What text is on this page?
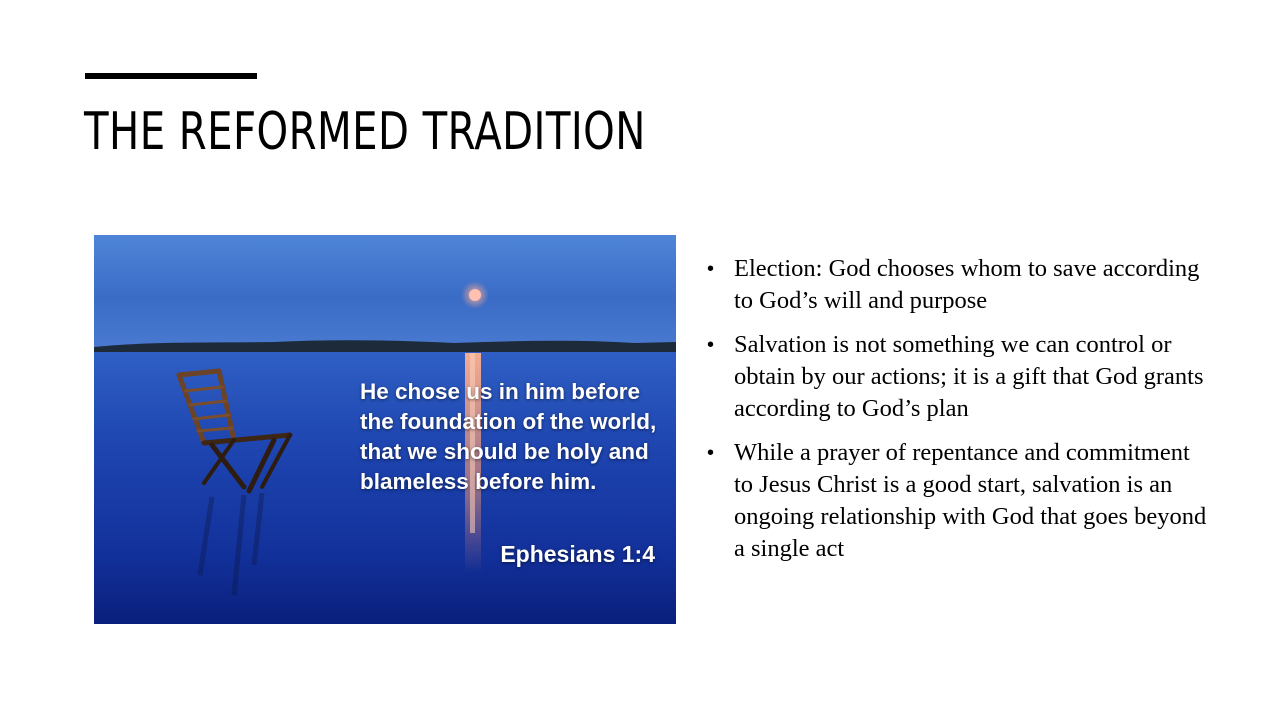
THE REFORMED TRADITION
He chose us in him before the foundation of the world, that we should be holy and blameless before him.
Ephesians 1:4
• Election: God chooses whom to save according to God’s will and purpose
• Salvation is not something we can control or obtain by our actions; it is a gift that God grants according to God’s plan
• While a prayer of repentance and commitment to Jesus Christ is a good start, salvation is an ongoing relationship with God that goes beyond a single act
